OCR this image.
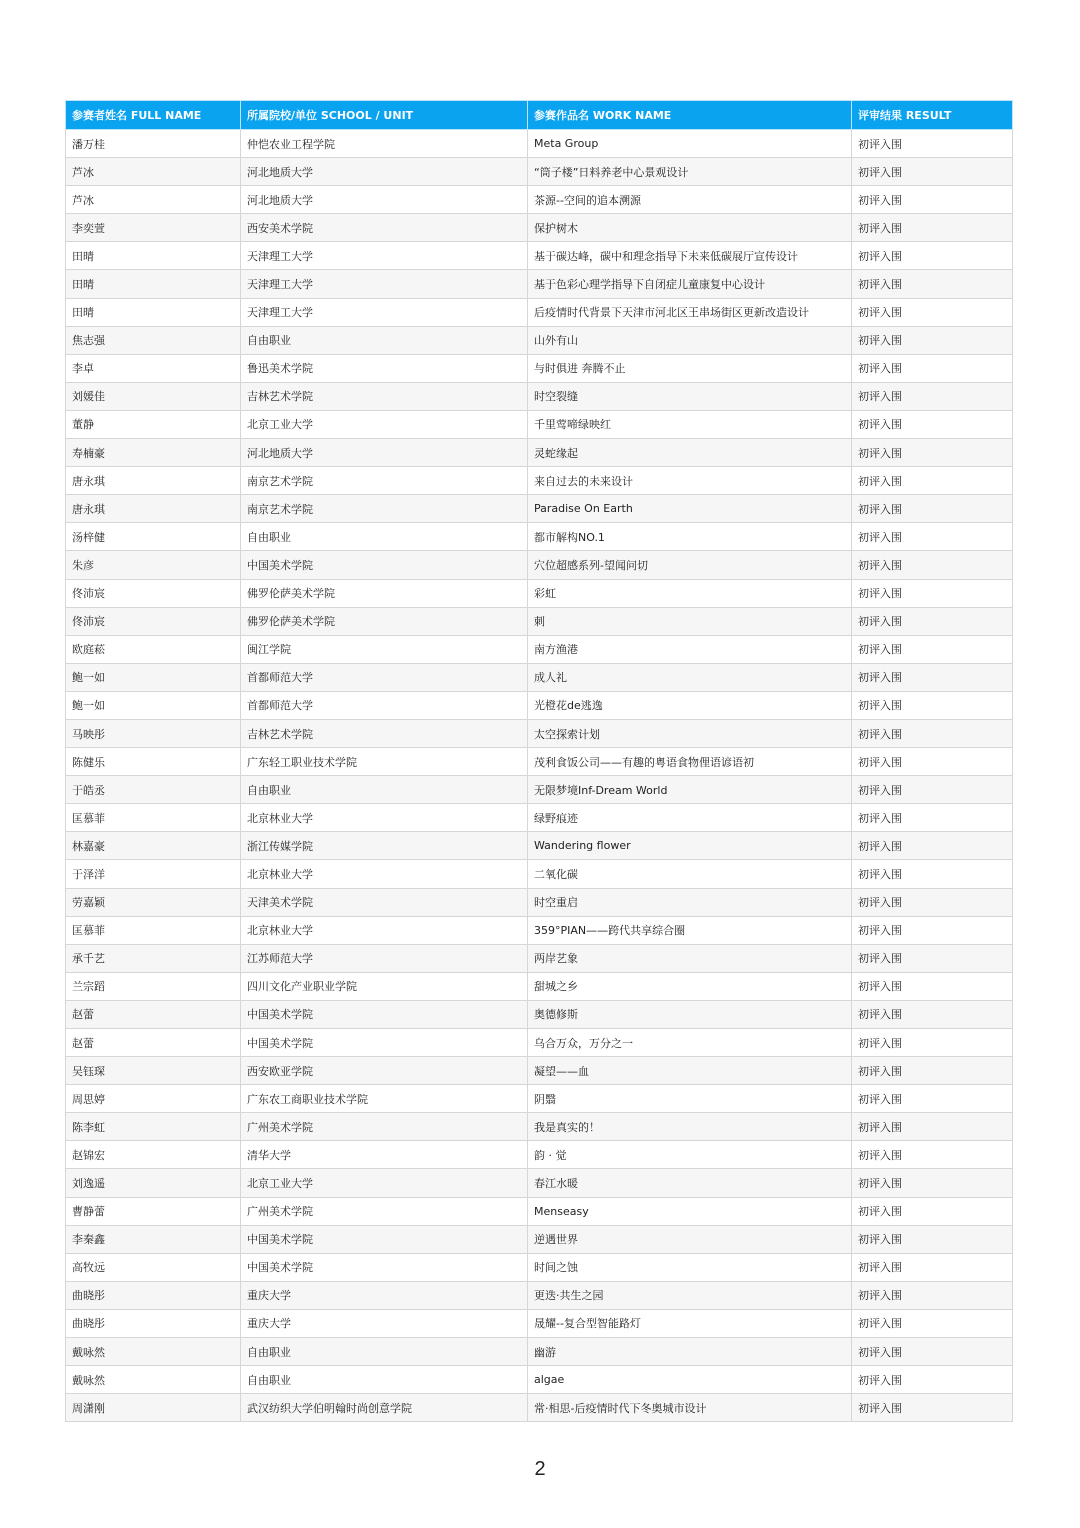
参赛者姓名 FULL NAME	所属院校/单位 SCHOOL / UNIT	参赛作品名 WORK NAME	评审结果 RESULT
潘万桂	仲恺农业工程学院	Meta Group	初评入围
芦冰	河北地质大学	“筒子楼”日料养老中心景观设计	初评入围
芦冰	河北地质大学	茶源--空间的追本溯源	初评入围
李奕萱	西安美术学院	保护树木	初评入围
田晴	天津理工大学	基于碳达峰，碳中和理念指导下未来低碳展厅宣传设计	初评入围
田晴	天津理工大学	基于色彩心理学指导下自闭症儿童康复中心设计	初评入围
田晴	天津理工大学	后疫情时代背景下天津市河北区王串场街区更新改造设计	初评入围
焦志强	自由职业	山外有山	初评入围
李卓	鲁迅美术学院	与时俱进 奔腾不止	初评入围
刘媛佳	吉林艺术学院	时空裂缝	初评入围
董静	北京工业大学	千里莺啼绿映红	初评入围
寿楠豪	河北地质大学	灵蛇缘起	初评入围
唐永琪	南京艺术学院	来自过去的未来设计	初评入围
唐永琪	南京艺术学院	Paradise On Earth	初评入围
汤梓健	自由职业	都市解构NO.1	初评入围
朱彦	中国美术学院	穴位超感系列-望闻问切	初评入围
佟沛宸	佛罗伦萨美术学院	彩虹	初评入围
佟沛宸	佛罗伦萨美术学院	刺	初评入围
欧庭菘	闽江学院	南方渔港	初评入围
鲍一如	首都师范大学	成人礼	初评入围
鲍一如	首都师范大学	光橙花de逃逸	初评入围
马映彤	吉林艺术学院	太空探索计划	初评入围
陈健乐	广东轻工职业技术学院	茂利食饭公司——有趣的粤语食物俚语谚语初	初评入围
于皓丞	自由职业	无限梦境Inf-Dream World	初评入围
匡慕菲	北京林业大学	绿野痕迹	初评入围
林嘉豪	浙江传媒学院	Wandering flower	初评入围
于泽洋	北京林业大学	二氧化碳	初评入围
劳嘉颖	天津美术学院	时空重启	初评入围
匡慕菲	北京林业大学	359°PIAN——跨代共享综合圈	初评入围
承千艺	江苏师范大学	两岸艺象	初评入围
兰宗蹈	四川文化产业职业学院	甜城之乡	初评入围
赵蕾	中国美术学院	奥德修斯	初评入围
赵蕾	中国美术学院	乌合万众，万分之一	初评入围
吴钰琛	西安欧亚学院	凝望——血	初评入围
周思婷	广东农工商职业技术学院	阴翳	初评入围
陈李虹	广州美术学院	我是真实的！	初评入围
赵锦宏	清华大学	韵 · 觉	初评入围
刘逸遥	北京工业大学	春江水暖	初评入围
曹静蕾	广州美术学院	Menseasy	初评入围
李秦鑫	中国美术学院	逆遇世界	初评入围
高牧远	中国美术学院	时间之蚀	初评入围
曲晓彤	重庆大学	更迭·共生之园	初评入围
曲晓彤	重庆大学	晟耀--复合型智能路灯	初评入围
戴咏然	自由职业	幽游	初评入围
戴咏然	自由职业	algae	初评入围
周潇刚	武汉纺织大学伯明翰时尚创意学院	常·相思-后疫情时代下冬奥城市设计	初评入围
2
